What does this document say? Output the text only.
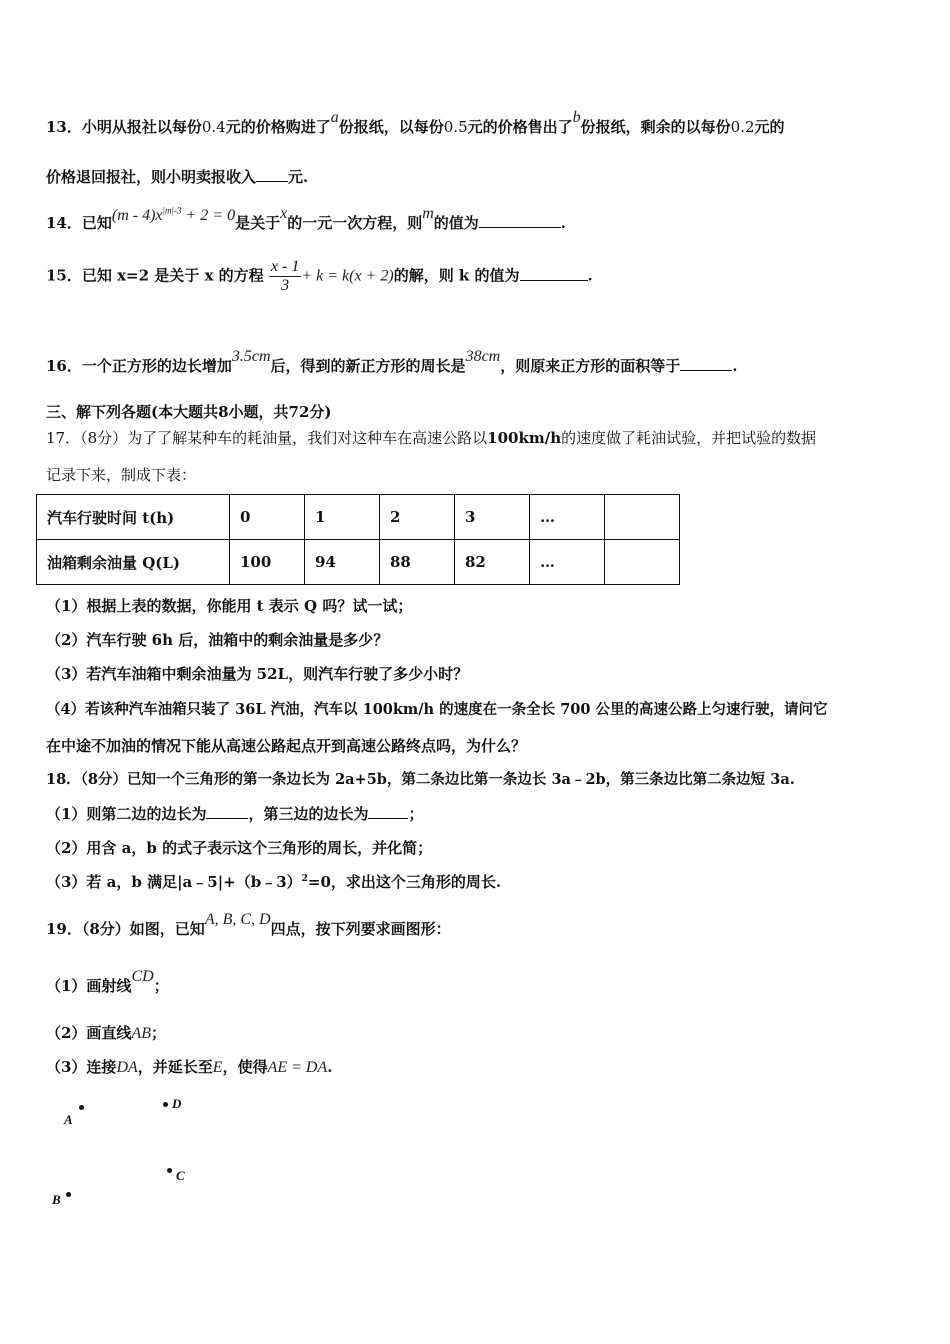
13．小明从报社以每份0.4元的价格购进了a份报纸，以每份0.5元的价格售出了b份报纸，剩余的以每份0.2元的
价格退回报社，则小明卖报收入 元.
14．已知$(m - 4)x^{|m|-3} + 2 = 0$是关于x的一元一次方程，则m的值为	.
15．已知 x=2 是关于 x 的方程 $\frac{x - 1}{3} + k = k(x + 2)$的解，则 k 的值为	.
16．一个正方形的边长增加3.5cm后，得到的新正方形的周长是38cm，则原来正方形的面积等于	.
三、解下列各题(本大题共8小题，共72分)
17．（8分）为了了解某种车的耗油量，我们对这种车在高速公路以100km/h的速度做了耗油试验，并把试验的数据
记录下来，制成下表：
汽车行驶时间 t(h)	0	1	2	3	…	
油箱剩余油量 Q(L)	100	94	88	82	…	
（1）根据上表的数据，你能用 t 表示 Q 吗？试一试；
（2）汽车行驶 6h 后，油箱中的剩余油量是多少？
（3）若汽车油箱中剩余油量为 52L，则汽车行驶了多少小时？
（4）若该种汽车油箱只装了 36L 汽油，汽车以 100km/h 的速度在一条全长 700 公里的高速公路上匀速行驶，请问它
在中途不加油的情况下能从高速公路起点开到高速公路终点吗，为什么？
18．（8分）已知一个三角形的第一条边长为 2a+5b，第二条边比第一条边长 3a﹣2b，第三条边比第二条边短 3a.
（1）则第二边的边长为	，第三边的边长为	；
（2）用含 a，b 的式子表示这个三角形的周长，并化简；
（3）若 a，b 满足|a﹣5|+（b﹣3）$^2$=0，求出这个三角形的周长.
19．（8分）如图，已知A, B, C, D四点，按下列要求画图形：
（1）画射线CD；
（2）画直线AB；
（3）连接DA，并延长至E，使得AE = DA.
A
D
C
B
